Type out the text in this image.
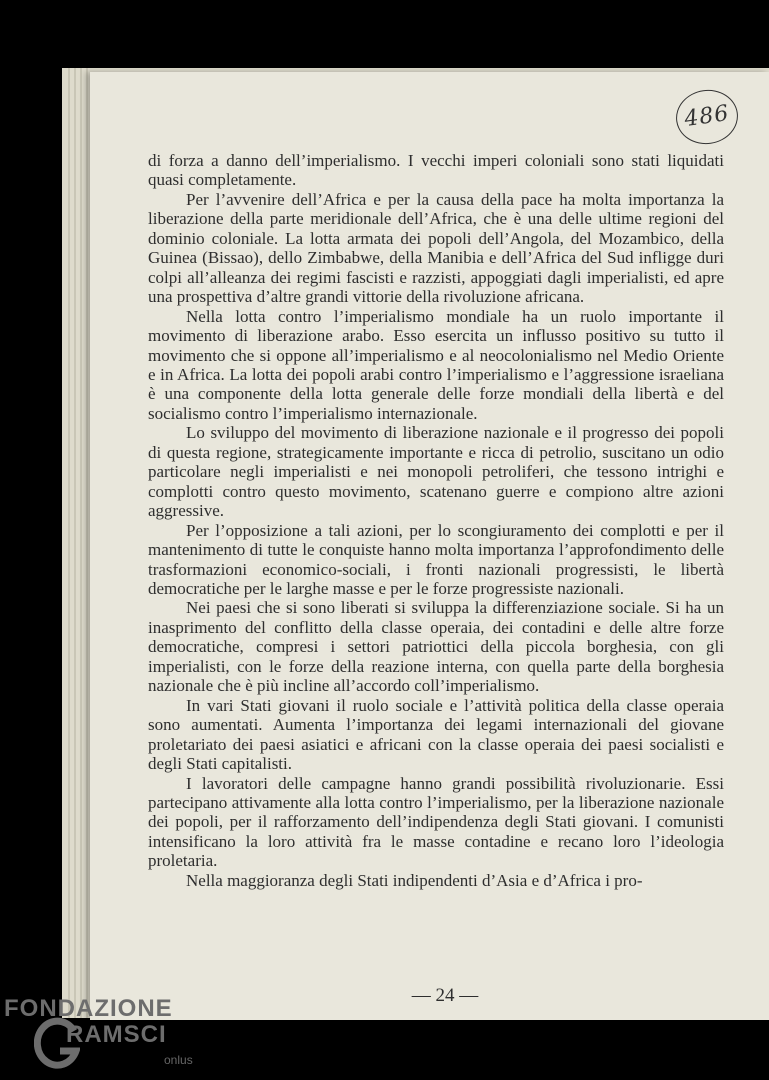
486

di forza a danno dell’imperialismo. I vecchi imperi coloniali sono stati liquidati quasi completamente.

Per l’avvenire dell’Africa e per la causa della pace ha molta importanza la liberazione della parte meridionale dell’Africa, che è una delle ultime regioni del dominio coloniale. La lotta armata dei popoli dell’Angola, del Mozambico, della Guinea (Bissao), dello Zimbabwe, della Manibia e dell’Africa del Sud infligge duri colpi all’alleanza dei regimi fascisti e razzisti, appoggiati dagli imperialisti, ed apre una prospettiva d’altre grandi vittorie della rivoluzione africana.

Nella lotta contro l’imperialismo mondiale ha un ruolo importante il movimento di liberazione arabo. Esso esercita un influsso positivo su tutto il movimento che si oppone all’imperialismo e al neocolonialismo nel Medio Oriente e in Africa. La lotta dei popoli arabi contro l’imperialismo e l’aggressione israeliana è una componente della lotta generale delle forze mondiali della libertà e del socialismo contro l’imperialismo internazionale.

Lo sviluppo del movimento di liberazione nazionale e il progresso dei popoli di questa regione, strategicamente importante e ricca di petrolio, suscitano un odio particolare negli imperialisti e nei monopoli petroliferi, che tessono intrighi e complotti contro questo movimento, scatenano guerre e compiono altre azioni aggressive.

Per l’opposizione a tali azioni, per lo scongiuramento dei complotti e per il mantenimento di tutte le conquiste hanno molta importanza l’approfondimento delle trasformazioni economico-sociali, i fronti nazionali progressisti, le libertà democratiche per le larghe masse e per le forze progressiste nazionali.

Nei paesi che si sono liberati si sviluppa la differenziazione sociale. Si ha un inasprimento del conflitto della classe operaia, dei contadini e delle altre forze democratiche, compresi i settori patriottici della piccola borghesia, con gli imperialisti, con le forze della reazione interna, con quella parte della borghesia nazionale che è più incline all’accordo coll’imperialismo.

In vari Stati giovani il ruolo sociale e l’attività politica della classe operaia sono aumentati. Aumenta l’importanza dei legami internazionali del giovane proletariato dei paesi asiatici e africani con la classe operaia dei paesi socialisti e degli Stati capitalisti.

I lavoratori delle campagne hanno grandi possibilità rivoluzionarie. Essi partecipano attivamente alla lotta contro l’imperialismo, per la liberazione nazionale dei popoli, per il rafforzamento dell’indipendenza degli Stati giovani. I comunisti intensificano la loro attività fra le masse contadine e recano loro l’ideologia proletaria.

Nella maggioranza degli Stati indipendenti d’Asia e d’Africa i pro-

— 24 —
FONDAZIONE
RAMSCI
onlus
